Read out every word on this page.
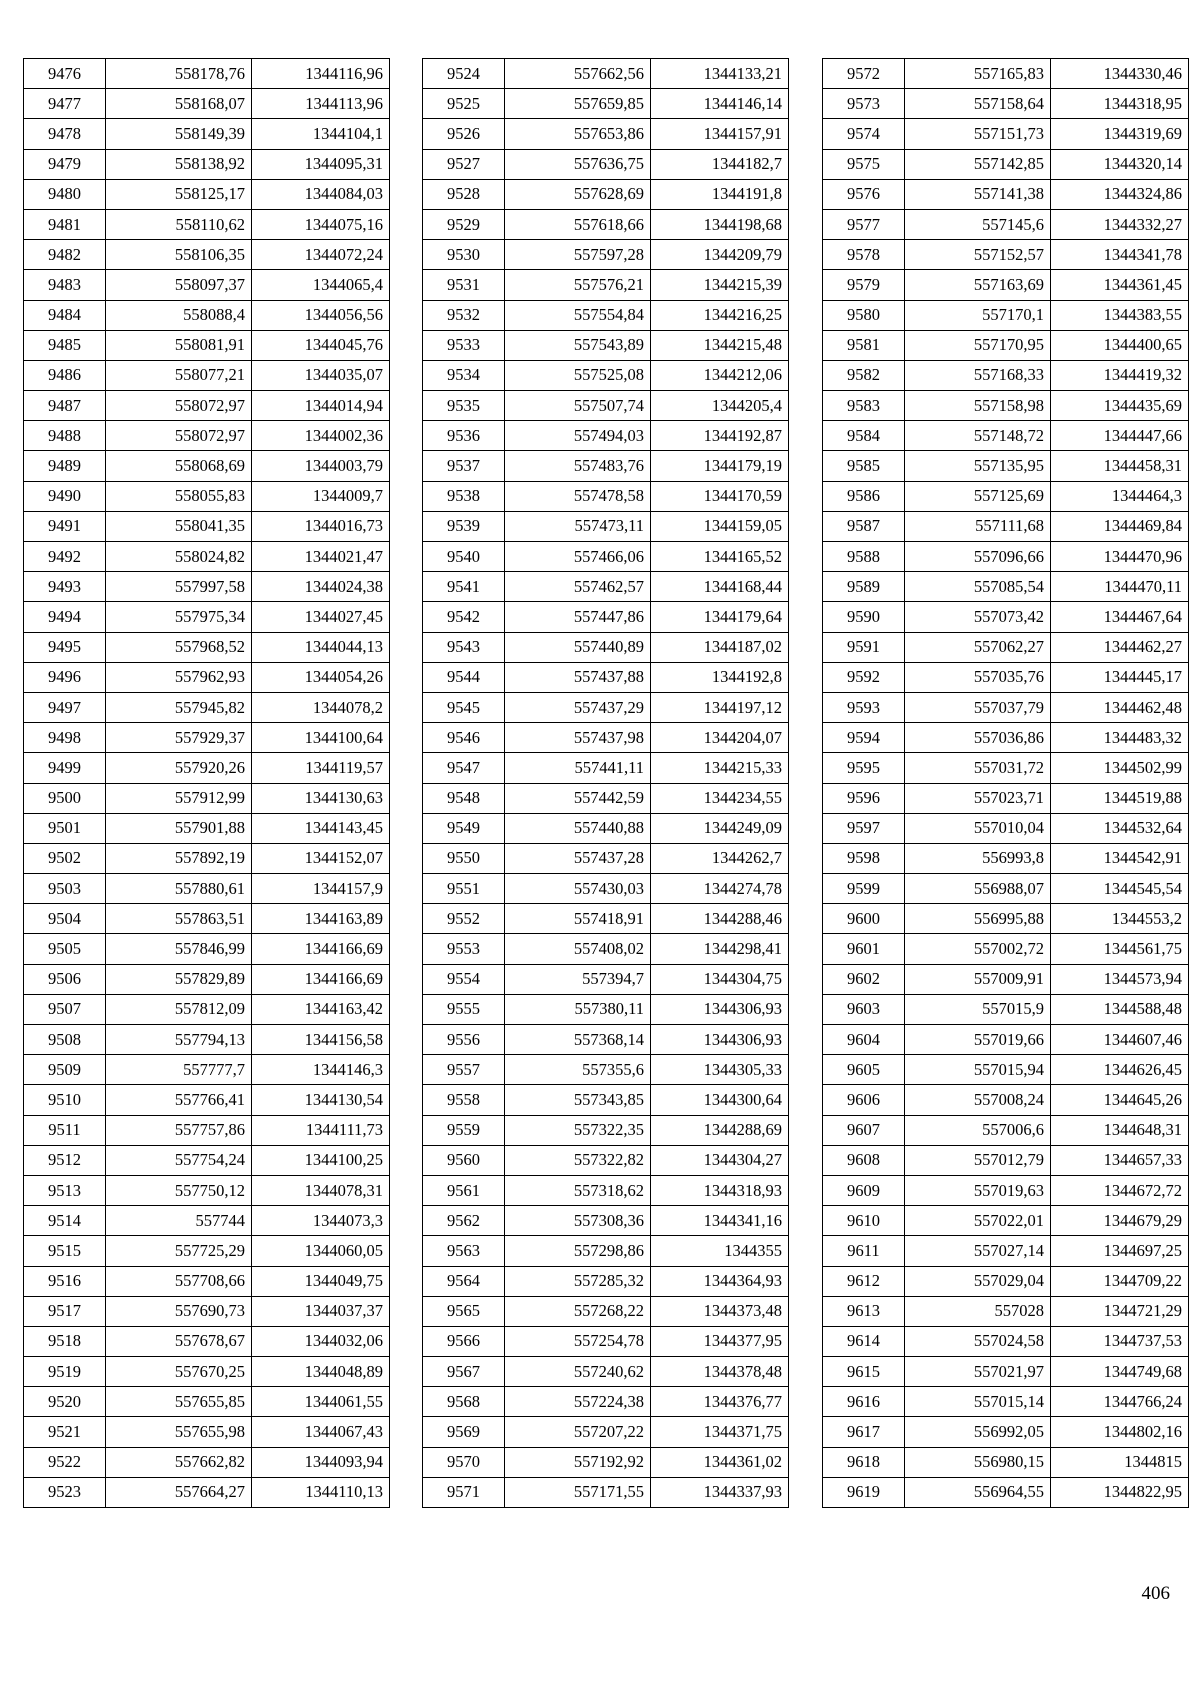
9476	558178,76	1344116,96
9477	558168,07	1344113,96
9478	558149,39	1344104,1
9479	558138,92	1344095,31
9480	558125,17	1344084,03
9481	558110,62	1344075,16
9482	558106,35	1344072,24
9483	558097,37	1344065,4
9484	558088,4	1344056,56
9485	558081,91	1344045,76
9486	558077,21	1344035,07
9487	558072,97	1344014,94
9488	558072,97	1344002,36
9489	558068,69	1344003,79
9490	558055,83	1344009,7
9491	558041,35	1344016,73
9492	558024,82	1344021,47
9493	557997,58	1344024,38
9494	557975,34	1344027,45
9495	557968,52	1344044,13
9496	557962,93	1344054,26
9497	557945,82	1344078,2
9498	557929,37	1344100,64
9499	557920,26	1344119,57
9500	557912,99	1344130,63
9501	557901,88	1344143,45
9502	557892,19	1344152,07
9503	557880,61	1344157,9
9504	557863,51	1344163,89
9505	557846,99	1344166,69
9506	557829,89	1344166,69
9507	557812,09	1344163,42
9508	557794,13	1344156,58
9509	557777,7	1344146,3
9510	557766,41	1344130,54
9511	557757,86	1344111,73
9512	557754,24	1344100,25
9513	557750,12	1344078,31
9514	557744	1344073,3
9515	557725,29	1344060,05
9516	557708,66	1344049,75
9517	557690,73	1344037,37
9518	557678,67	1344032,06
9519	557670,25	1344048,89
9520	557655,85	1344061,55
9521	557655,98	1344067,43
9522	557662,82	1344093,94
9523	557664,27	1344110,13
9524	557662,56	1344133,21
9525	557659,85	1344146,14
9526	557653,86	1344157,91
9527	557636,75	1344182,7
9528	557628,69	1344191,8
9529	557618,66	1344198,68
9530	557597,28	1344209,79
9531	557576,21	1344215,39
9532	557554,84	1344216,25
9533	557543,89	1344215,48
9534	557525,08	1344212,06
9535	557507,74	1344205,4
9536	557494,03	1344192,87
9537	557483,76	1344179,19
9538	557478,58	1344170,59
9539	557473,11	1344159,05
9540	557466,06	1344165,52
9541	557462,57	1344168,44
9542	557447,86	1344179,64
9543	557440,89	1344187,02
9544	557437,88	1344192,8
9545	557437,29	1344197,12
9546	557437,98	1344204,07
9547	557441,11	1344215,33
9548	557442,59	1344234,55
9549	557440,88	1344249,09
9550	557437,28	1344262,7
9551	557430,03	1344274,78
9552	557418,91	1344288,46
9553	557408,02	1344298,41
9554	557394,7	1344304,75
9555	557380,11	1344306,93
9556	557368,14	1344306,93
9557	557355,6	1344305,33
9558	557343,85	1344300,64
9559	557322,35	1344288,69
9560	557322,82	1344304,27
9561	557318,62	1344318,93
9562	557308,36	1344341,16
9563	557298,86	1344355
9564	557285,32	1344364,93
9565	557268,22	1344373,48
9566	557254,78	1344377,95
9567	557240,62	1344378,48
9568	557224,38	1344376,77
9569	557207,22	1344371,75
9570	557192,92	1344361,02
9571	557171,55	1344337,93
9572	557165,83	1344330,46
9573	557158,64	1344318,95
9574	557151,73	1344319,69
9575	557142,85	1344320,14
9576	557141,38	1344324,86
9577	557145,6	1344332,27
9578	557152,57	1344341,78
9579	557163,69	1344361,45
9580	557170,1	1344383,55
9581	557170,95	1344400,65
9582	557168,33	1344419,32
9583	557158,98	1344435,69
9584	557148,72	1344447,66
9585	557135,95	1344458,31
9586	557125,69	1344464,3
9587	557111,68	1344469,84
9588	557096,66	1344470,96
9589	557085,54	1344470,11
9590	557073,42	1344467,64
9591	557062,27	1344462,27
9592	557035,76	1344445,17
9593	557037,79	1344462,48
9594	557036,86	1344483,32
9595	557031,72	1344502,99
9596	557023,71	1344519,88
9597	557010,04	1344532,64
9598	556993,8	1344542,91
9599	556988,07	1344545,54
9600	556995,88	1344553,2
9601	557002,72	1344561,75
9602	557009,91	1344573,94
9603	557015,9	1344588,48
9604	557019,66	1344607,46
9605	557015,94	1344626,45
9606	557008,24	1344645,26
9607	557006,6	1344648,31
9608	557012,79	1344657,33
9609	557019,63	1344672,72
9610	557022,01	1344679,29
9611	557027,14	1344697,25
9612	557029,04	1344709,22
9613	557028	1344721,29
9614	557024,58	1344737,53
9615	557021,97	1344749,68
9616	557015,14	1344766,24
9617	556992,05	1344802,16
9618	556980,15	1344815
9619	556964,55	1344822,95
406
